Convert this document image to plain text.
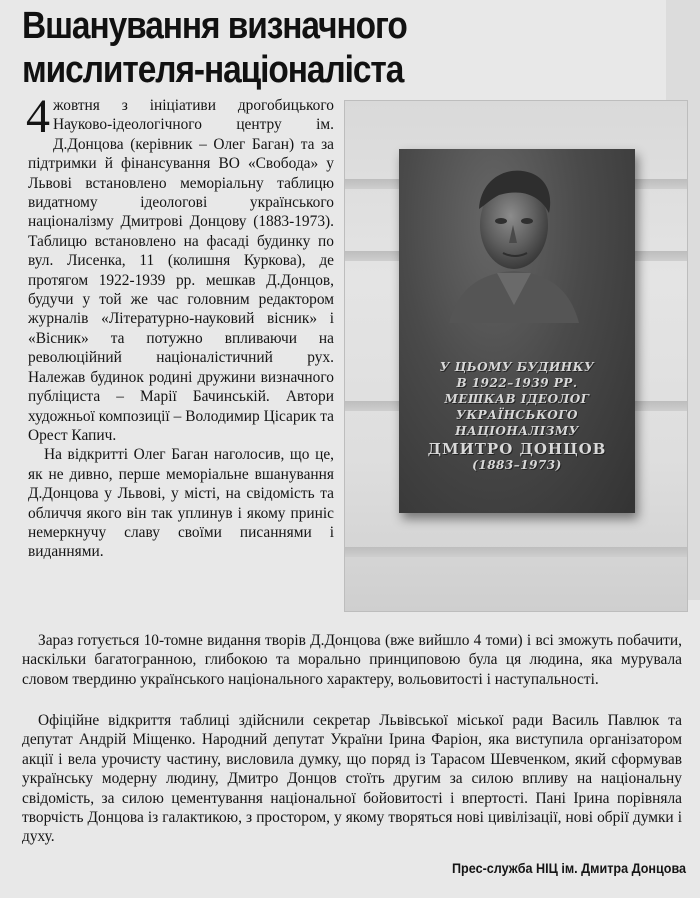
Вшанування визначного
мислителя-націоналіста

4 жовтня з ініціативи дрогобицького Науково-ідеологічного центру ім. Д.Донцова (керівник – Олег Баган) та за підтримки й фінансування ВО «Свобода» у Львові встановлено меморіальну таблицю видатному ідеологові українського націоналізму Дмитрові Донцову (1883-1973). Таблицю встановлено на фасаді будинку по вул. Лисенка, 11 (колишня Куркова), де протягом 1922-1939 рр. мешкав Д.Донцов, будучи у той же час головним редактором журналів «Літературно-науковий вісник» і «Вісник» та потужно впливаючи на революційний націоналістичний рух. Належав будинок родині дружини визначного публіциста – Марії Бачинській. Автори художньої композиції – Володимир Цісарик та Орест Капич.

На відкритті Олег Баган наголосив, що це, як не дивно, перше меморіальне вшанування Д.Донцова у Львові, у місті, на свідомість та обличчя якого він так уплинув і якому приніс немеркнучу славу своїми писаннями і виданнями.

У ЦЬОМУ БУДИНКУ
В 1922–1939 РР.
МЕШКАВ ІДЕОЛОГ
УКРАЇНСЬКОГО
НАЦІОНАЛІЗМУ
ДМИТРО ДОНЦОВ
(1883–1973)

Зараз готується 10-томне видання творів Д.Донцова (вже вийшло 4 томи) і всі зможуть побачити, наскільки багатогранною, глибокою та морально принциповою була ця людина, яка мурувала словом твердиню українського національного характеру, вольовитості і наступальності.

Офіційне відкриття таблиці здійснили секретар Львівської міської ради Василь Павлюк та депутат Андрій Міщенко. Народний депутат України Ірина Фаріон, яка виступила організатором акції і вела урочисту частину, висловила думку, що поряд із Тарасом Шевченком, який сформував українську модерну людину, Дмитро Донцов стоїть другим за силою впливу на національну свідомість, за силою цементування національної бойовитості і впертості. Пані Ірина порівняла творчість Донцова із галактикою, з простором, у якому творяться нові цивілізації, нові обрії думки і духу.

Прес-служба НІЦ ім. Дмитра Донцова
